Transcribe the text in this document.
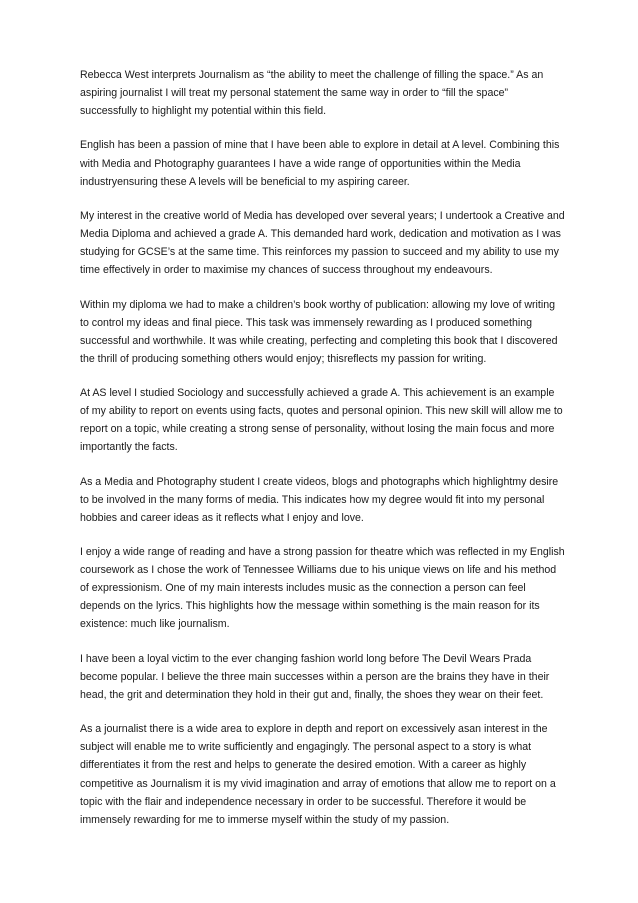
Rebecca West interprets Journalism as “the ability to meet the challenge of filling the space.” As an aspiring journalist I will treat my personal statement the same way in order to “fill the space” successfully to highlight my potential within this field.

English has been a passion of mine that I have been able to explore in detail at A level. Combining this with Media and Photography guarantees I have a wide range of opportunities within the Media industryensuring these A levels will be beneficial to my aspiring career.

My interest in the creative world of Media has developed over several years; I undertook a Creative and Media Diploma and achieved a grade A. This demanded hard work, dedication and motivation as I was studying for GCSE’s at the same time. This reinforces my passion to succeed and my ability to use my time effectively in order to maximise my chances of success throughout my endeavours.

Within my diploma we had to make a children’s book worthy of publication: allowing my love of writing to control my ideas and final piece. This task was immensely rewarding as I produced something successful and worthwhile. It was while creating, perfecting and completing this book that I discovered the thrill of producing something others would enjoy; thisreflects my passion for writing.

At AS level I studied Sociology and successfully achieved a grade A. This achievement is an example of my ability to report on events using facts, quotes and personal opinion. This new skill will allow me to report on a topic, while creating a strong sense of personality, without losing the main focus and more importantly the facts.

As a Media and Photography student I create videos, blogs and photographs which highlightmy desire to be involved in the many forms of media. This indicates how my degree would fit into my personal hobbies and career ideas as it reflects what I enjoy and love.

I enjoy a wide range of reading and have a strong passion for theatre which was reflected in my English coursework as I chose the work of Tennessee Williams due to his unique views on life and his method of expressionism. One of my main interests includes music as the connection a person can feel depends on the lyrics. This highlights how the message within something is the main reason for its existence: much like journalism.

I have been a loyal victim to the ever changing fashion world long before The Devil Wears Prada become popular. I believe the three main successes within a person are the brains they have in their head, the grit and determination they hold in their gut and, finally, the shoes they wear on their feet.

As a journalist there is a wide area to explore in depth and report on excessively asan interest in the subject will enable me to write sufficiently and engagingly. The personal aspect to a story is what differentiates it from the rest and helps to generate the desired emotion. With a career as highly competitive as Journalism it is my vivid imagination and array of emotions that allow me to report on a topic with the flair and independence necessary in order to be successful. Therefore it would be immensely rewarding for me to immerse myself within the study of my passion.
